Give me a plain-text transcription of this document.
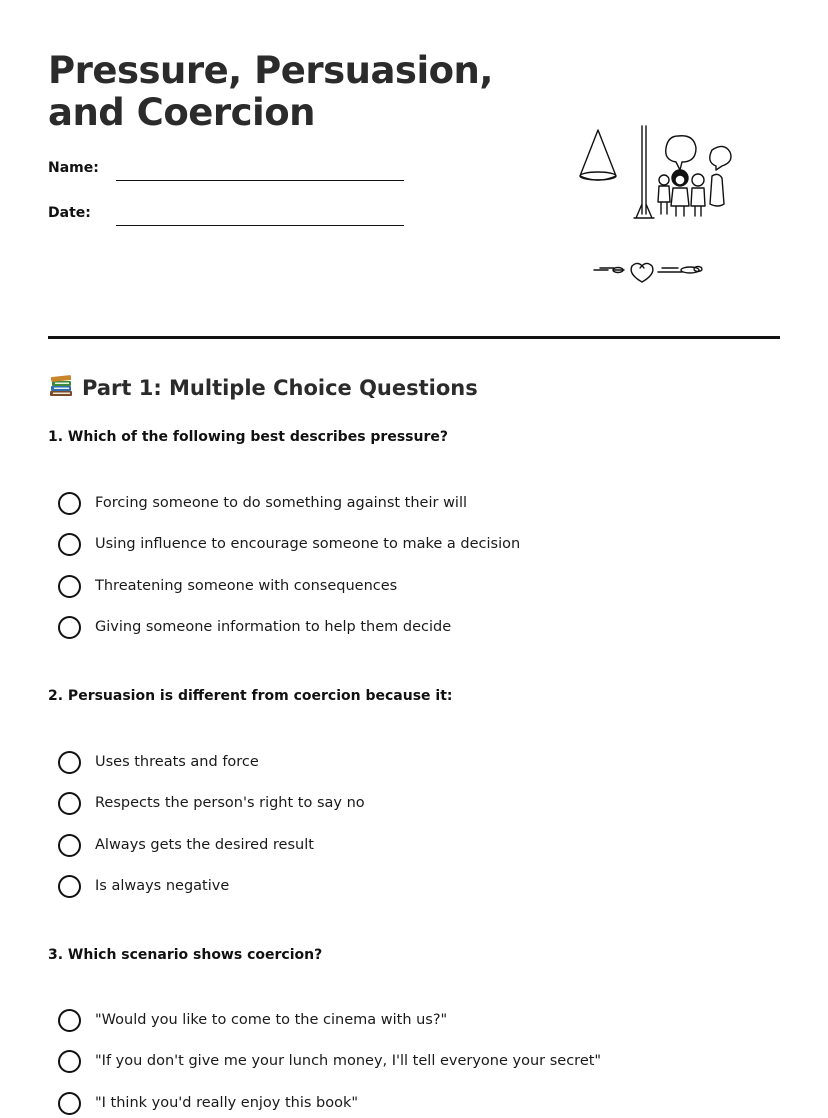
Pressure, Persuasion,
and Coercion
Name:
Date:
Part 1: Multiple Choice Questions

1. Which of the following best describes pressure?

Forcing someone to do something against their will
Using influence to encourage someone to make a decision
Threatening someone with consequences
Giving someone information to help them decide

2. Persuasion is different from coercion because it:

Uses threats and force
Respects the person's right to say no
Always gets the desired result
Is always negative

3. Which scenario shows coercion?

"Would you like to come to the cinema with us?"
"If you don't give me your lunch money, I'll tell everyone your secret"
"I think you'd really enjoy this book"
